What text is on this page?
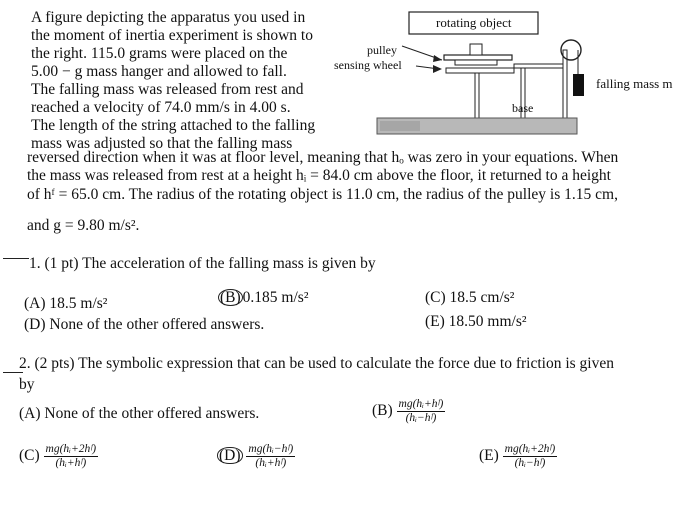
A figure depicting the apparatus you used in
the moment of inertia experiment is shown to
the right. 115.0 grams were placed on the
5.00 − g mass hanger and allowed to fall.
The falling mass was released from rest and
reached a velocity of 74.0 mm/s in 4.00 s.
The length of the string attached to the falling
mass was adjusted so that the falling mass
reversed direction when it was at floor level, meaning that hₒ was zero in your equations. When
the mass was released from rest at a height hᵢ = 84.0 cm above the floor, it returned to a height
of hᶠ = 65.0 cm. The radius of the rotating object is 11.0 cm, the radius of the pulley is 1.15 cm,
and g = 9.80 m/s².
rotating object
pulley
sensing wheel
falling mass m
base
1. (1 pt) The acceleration of the falling mass is given by
(A) 18.5 m/s²	(B) 0.185 m/s²	(C) 18.5 cm/s²
(D) None of the other offered answers.	(E) 18.50 mm/s²
2. (2 pts) The symbolic expression that can be used to calculate the force due to friction is given
by
(A) None of the other offered answers.	$(B) \frac{\text{mg(hᵢ+hᶠ)}}{\text{(hᵢ−hᶠ)}}$
$(C) \frac{\text{mg(hᵢ+2hᶠ)}}{\text{(hᵢ+hᶠ)}}$	$(D) \frac{\text{mg(hᵢ−hᶠ)}}{\text{(hᵢ+hᶠ)}}$	$(E) \frac{\text{mg(hᵢ+2hᶠ)}}{\text{(hᵢ−hᶠ)}}$
